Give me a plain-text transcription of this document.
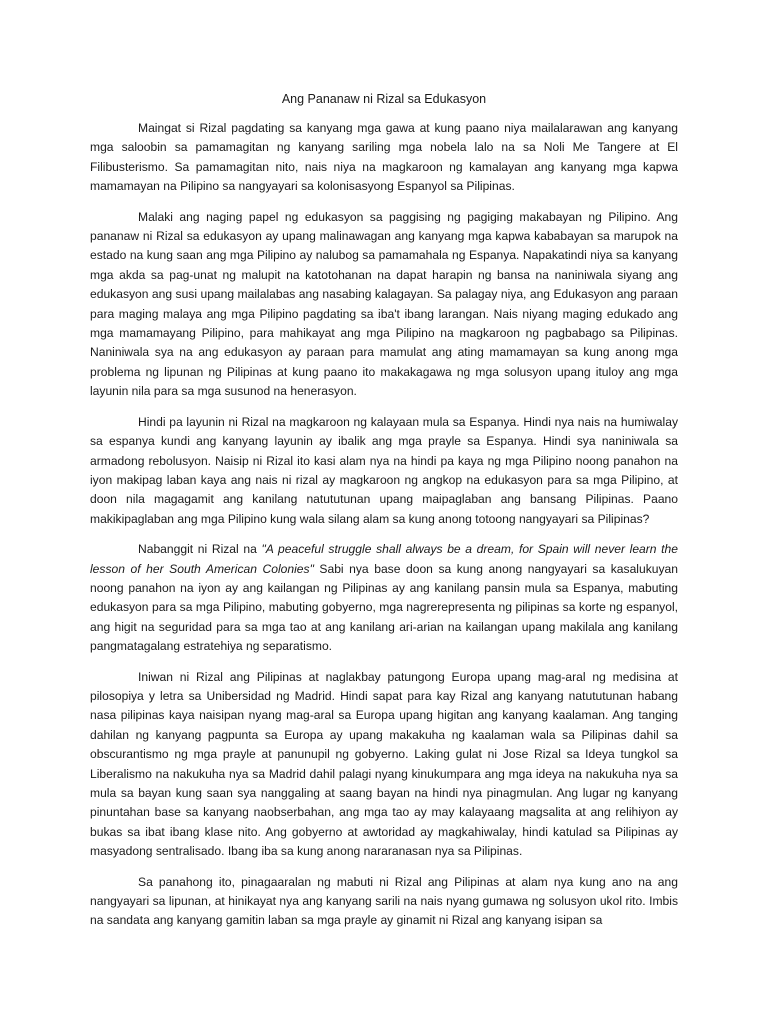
Ang Pananaw ni Rizal sa Edukasyon

Maingat si Rizal pagdating sa kanyang mga gawa at kung paano niya mailalarawan ang kanyang mga saloobin sa pamamagitan ng kanyang sariling mga nobela lalo na sa Noli Me Tangere at El Filibusterismo. Sa pamamagitan nito, nais niya na magkaroon ng kamalayan ang kanyang mga kapwa mamamayan na Pilipino sa nangyayari sa kolonisasyong Espanyol sa Pilipinas.

Malaki ang naging papel ng edukasyon sa paggising ng pagiging makabayan ng Pilipino. Ang pananaw ni Rizal sa edukasyon ay upang malinawagan ang kanyang mga kapwa kababayan sa marupok na estado na kung saan ang mga Pilipino ay nalubog sa pamamahala ng Espanya. Napakatindi niya sa kanyang mga akda sa pag-unat ng malupit na katotohanan na dapat harapin ng bansa na naniniwala siyang ang edukasyon ang susi upang mailalabas ang nasabing kalagayan. Sa palagay niya, ang Edukasyon ang paraan para maging malaya ang mga Pilipino pagdating sa iba't ibang larangan. Nais niyang maging edukado ang mga mamamayang Pilipino, para mahikayat ang mga Pilipino na magkaroon ng pagbabago sa Pilipinas. Naniniwala sya na ang edukasyon ay paraan para mamulat ang ating mamamayan sa kung anong mga problema ng lipunan ng Pilipinas at kung paano ito makakagawa ng mga solusyon upang ituloy ang mga layunin nila para sa mga susunod na henerasyon.

Hindi pa layunin ni Rizal na magkaroon ng kalayaan mula sa Espanya. Hindi nya nais na humiwalay sa espanya kundi ang kanyang layunin ay ibalik ang mga prayle sa Espanya. Hindi sya naniniwala sa armadong rebolusyon. Naisip ni Rizal ito kasi alam nya na hindi pa kaya ng mga Pilipino noong panahon na iyon makipag laban kaya ang nais ni rizal ay magkaroon ng angkop na edukasyon para sa mga Pilipino, at doon nila magagamit ang kanilang natututunan upang maipaglaban ang bansang Pilipinas. Paano makikipaglaban ang mga Pilipino kung wala silang alam sa kung anong totoong nangyayari sa Pilipinas?

Nabanggit ni Rizal na "A peaceful struggle shall always be a dream, for Spain will never learn the lesson of her South American Colonies" Sabi nya base doon sa kung anong nangyayari sa kasalukuyan noong panahon na iyon ay ang kailangan ng Pilipinas ay ang kanilang pansin mula sa Espanya, mabuting edukasyon para sa mga Pilipino, mabuting gobyerno, mga nagrerepresenta ng pilipinas sa korte ng espanyol, ang higit na seguridad para sa mga tao at ang kanilang ari-arian na kailangan upang makilala ang kanilang pangmatagalang estratehiya ng separatismo.

Iniwan ni Rizal ang Pilipinas at naglakbay patungong Europa upang mag-aral ng medisina at pilosopiya y letra sa Unibersidad ng Madrid. Hindi sapat para kay Rizal ang kanyang natututunan habang nasa pilipinas kaya naisipan nyang mag-aral sa Europa upang higitan ang kanyang kaalaman. Ang tanging dahilan ng kanyang pagpunta sa Europa ay upang makakuha ng kaalaman wala sa Pilipinas dahil sa obscurantismo ng mga prayle at panunupil ng gobyerno. Laking gulat ni Jose Rizal sa Ideya tungkol sa Liberalismo na nakukuha nya sa Madrid dahil palagi nyang kinukumpara ang mga ideya na nakukuha nya sa mula sa bayan kung saan sya nanggaling at saang bayan na hindi nya pinagmulan. Ang lugar ng kanyang pinuntahan base sa kanyang naobserbahan, ang mga tao ay may kalayaang magsalita at ang relihiyon ay bukas sa ibat ibang klase nito. Ang gobyerno at awtoridad ay magkahiwalay, hindi katulad sa Pilipinas ay masyadong sentralisado. Ibang iba sa kung anong nararanasan nya sa Pilipinas.

Sa panahong ito, pinagaaralan ng mabuti ni Rizal ang Pilipinas at alam nya kung ano na ang nangyayari sa lipunan, at hinikayat nya ang kanyang sarili na nais nyang gumawa ng solusyon ukol rito. Imbis na sandata ang kanyang gamitin laban sa mga prayle ay ginamit ni Rizal ang kanyang isipan sa
